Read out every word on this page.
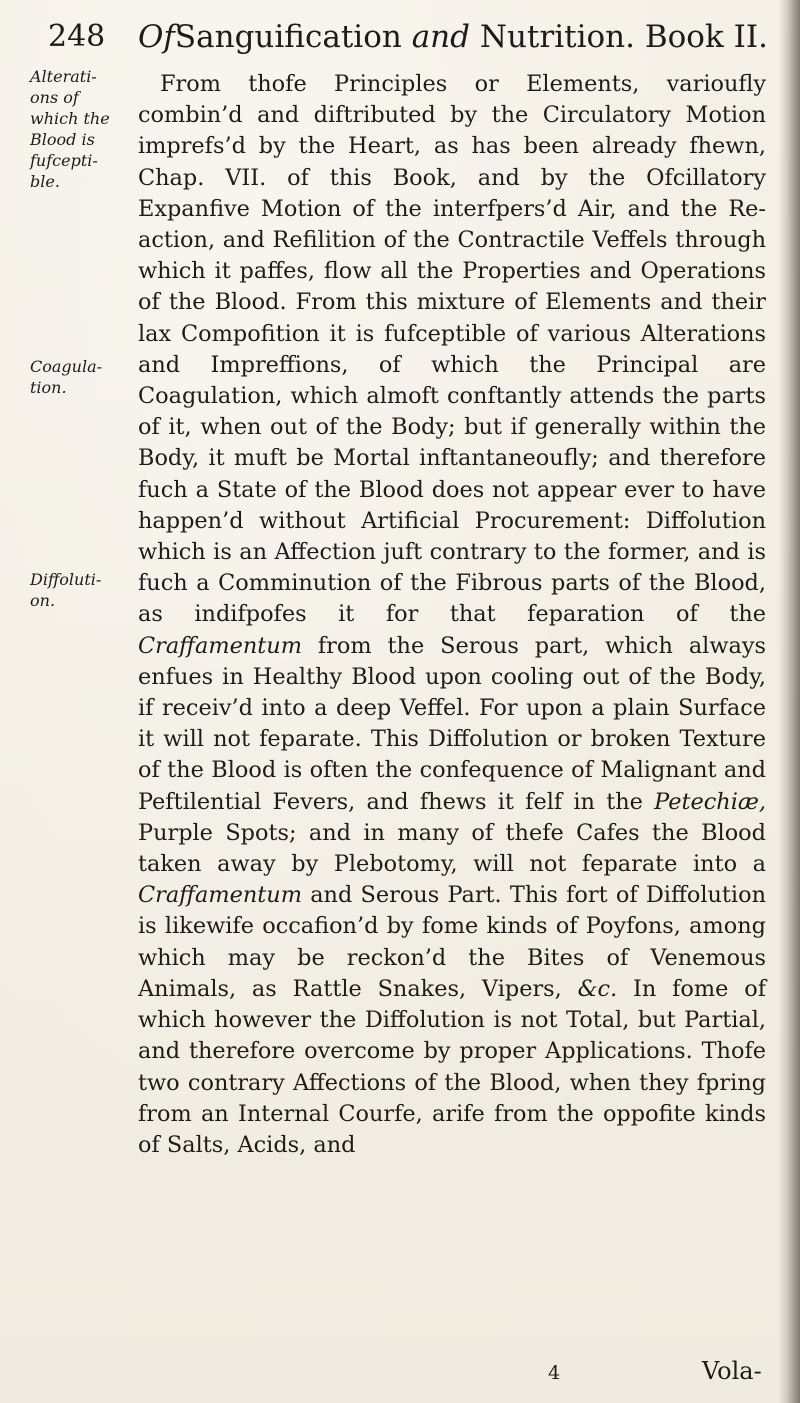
248 OfSanguification and Nutrition. Book II.
Alterati-
ons of
which the
Blood is
fufcepti-
ble.
Coagula-
tion.
Diffoluti-
on.
From thofe Principles or Elements, varioufly combin’d and diftributed by the Circulatory Motion imprefs’d by the Heart, as has been already fhewn, Chap. VII. of this Book, and by the Ofcillatory Expanfive Motion of the interfpers’d Air, and the Re-action, and Refilition of the Contractile Veffels through which it paffes, flow all the Properties and Operations of the Blood. From this mixture of Elements and their lax Compofition it is fufceptible of various Alterations and Impreffions, of which the Principal are Coagulation, which almoft conftantly attends the parts of it, when out of the Body; but if generally within the Body, it muft be Mortal inftantaneoufly; and therefore fuch a State of the Blood does not appear ever to have happen’d without Artificial Procurement: Diffolution which is an Affection juft contrary to the former, and is fuch a Comminution of the Fibrous parts of the Blood, as indifpofes it for that feparation of the Craffamentum from the Serous part, which always enfues in Healthy Blood upon cooling out of the Body, if receiv’d into a deep Veffel. For upon a plain Surface it will not feparate. This Diffolution or broken Texture of the Blood is often the confequence of Malignant and Peftilential Fevers, and fhews it felf in the Petechiæ, Purple Spots; and in many of thefe Cafes the Blood taken away by Plebotomy, will not feparate into a Craffamentum and Serous Part. This fort of Diffolution is likewife occafion’d by fome kinds of Poyfons, among which may be reckon’d the Bites of Venemous Animals, as Rattle Snakes, Vipers, &c. In fome of which however the Diffolution is not Total, but Partial, and therefore overcome by proper Applications. Thofe two contrary Affections of the Blood, when they fpring from an Internal Courfe, arife from the oppofite kinds of Salts, Acids, and
4	Vola-
